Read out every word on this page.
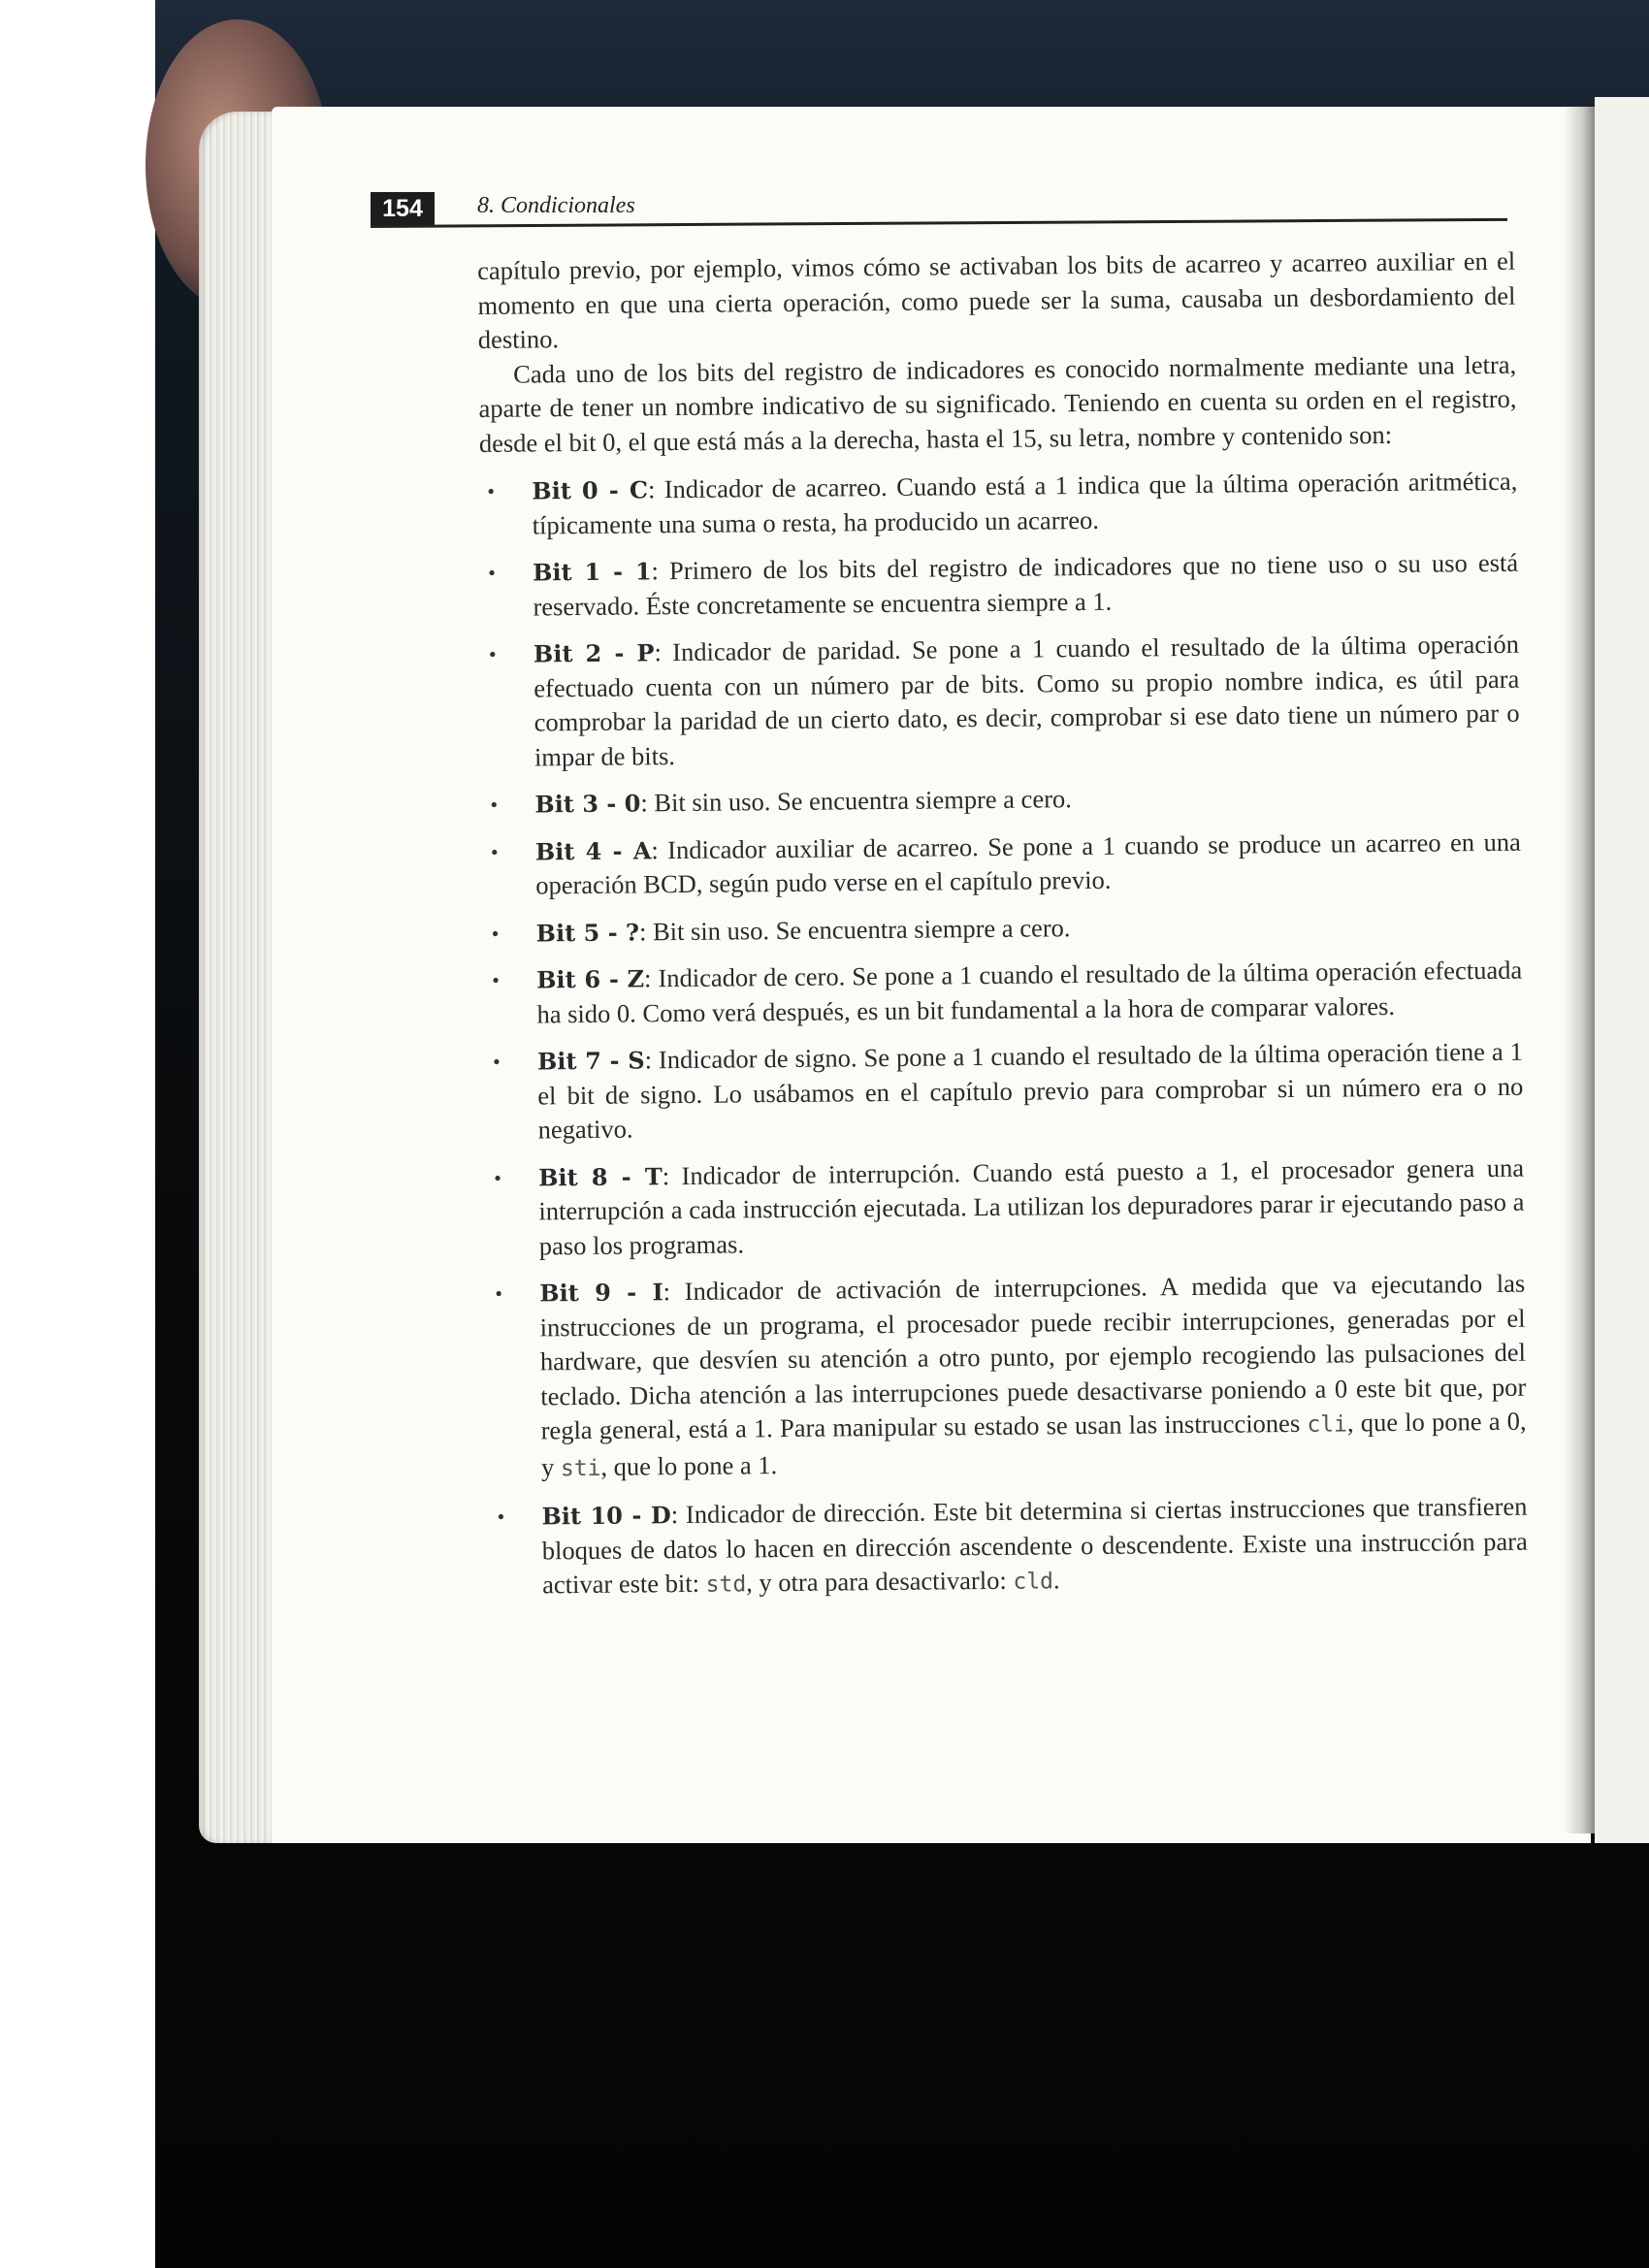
154	8. Condicionales

capítulo previo, por ejemplo, vimos cómo se activaban los bits de acarreo y acarreo auxiliar en el momento en que una cierta operación, como puede ser la suma, causaba un desbordamiento del destino.

Cada uno de los bits del registro de indicadores es conocido normalmente mediante una letra, aparte de tener un nombre indicativo de su significado. Teniendo en cuenta su orden en el registro, desde el bit 0, el que está más a la derecha, hasta el 15, su letra, nombre y contenido son:

• Bit 0 - C: Indicador de acarreo. Cuando está a 1 indica que la última operación aritmética, típicamente una suma o resta, ha producido un acarreo.
• Bit 1 - 1: Primero de los bits del registro de indicadores que no tiene uso o su uso está reservado. Éste concretamente se encuentra siempre a 1.
• Bit 2 - P: Indicador de paridad. Se pone a 1 cuando el resultado de la última operación efectuado cuenta con un número par de bits. Como su propio nombre indica, es útil para comprobar la paridad de un cierto dato, es decir, comprobar si ese dato tiene un número par o impar de bits.
• Bit 3 - 0: Bit sin uso. Se encuentra siempre a cero.
• Bit 4 - A: Indicador auxiliar de acarreo. Se pone a 1 cuando se produce un acarreo en una operación BCD, según pudo verse en el capítulo previo.
• Bit 5 - ?: Bit sin uso. Se encuentra siempre a cero.
• Bit 6 - Z: Indicador de cero. Se pone a 1 cuando el resultado de la última operación efectuada ha sido 0. Como verá después, es un bit fundamental a la hora de comparar valores.
• Bit 7 - S: Indicador de signo. Se pone a 1 cuando el resultado de la última operación tiene a 1 el bit de signo. Lo usábamos en el capítulo previo para comprobar si un número era o no negativo.
• Bit 8 - T: Indicador de interrupción. Cuando está puesto a 1, el procesador genera una interrupción a cada instrucción ejecutada. La utilizan los depuradores parar ir ejecutando paso a paso los programas.
• Bit 9 - I: Indicador de activación de interrupciones. A medida que va ejecutando las instrucciones de un programa, el procesador puede recibir interrupciones, generadas por el hardware, que desvíen su atención a otro punto, por ejemplo recogiendo las pulsaciones del teclado. Dicha atención a las interrupciones puede desactivarse poniendo a 0 este bit que, por regla general, está a 1. Para manipular su estado se usan las instrucciones cli, que lo pone a 0, y sti, que lo pone a 1.
• Bit 10 - D: Indicador de dirección. Este bit determina si ciertas instrucciones que transfieren bloques de datos lo hacen en dirección ascendente o descendente. Existe una instrucción para activar este bit: std, y otra para desactivarlo: cld.
